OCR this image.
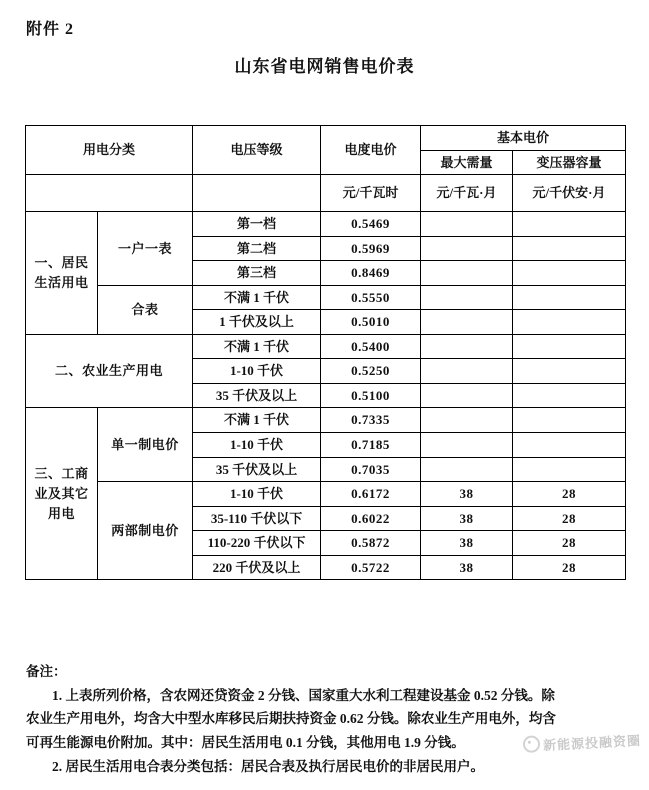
附件 2
山东省电网销售电价表
用电分类		电压等级	电度电价	基本电价	
				最大需量	变压器容量
			元/千瓦时	元/千瓦·月	元/千伏安·月

一、居民生活用电	一户一表	第一档	0.5469		
		第二档	0.5969		
		第三档	0.8469		
	合表	不满 1 千伏	0.5550		
		1 千伏及以上	0.5010		
二、农业生产用电		不满 1 千伏	0.5400		
		1-10 千伏	0.5250		
		35 千伏及以上	0.5100		

三、工商业及其它用电	单一制电价	不满 1 千伏	0.7335		
		1-10 千伏	0.7185		
		35 千伏及以上	0.7035		
	两部制电价	1-10 千伏	0.6172	38	28
		35-110 千伏以下	0.6022	38	28
		110-220 千伏以下	0.5872	38	28
		220 千伏及以上	0.5722	38	28

备注：

1. 上表所列价格，含农网还贷资金 2 分钱、国家重大水利工程建设基金 0.52 分钱。除

农业生产用电外，均含大中型水库移民后期扶持资金 0.62 分钱。除农业生产用电外，均含

可再生能源电价附加。其中：居民生活用电 0.1 分钱，其他用电 1.9 分钱。

2. 居民生活用电合表分类包括：居民合表及执行居民电价的非居民用户。

新能源投融资圈
